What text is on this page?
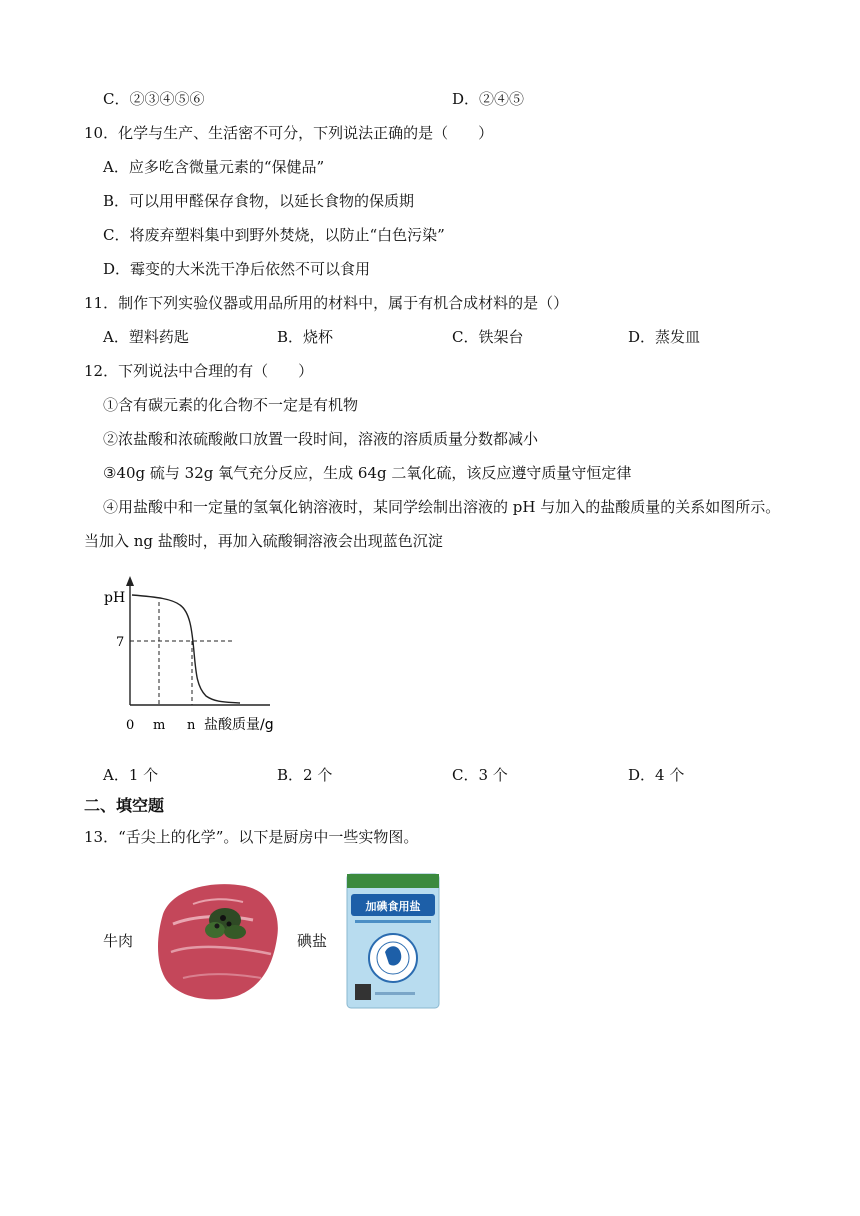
C．②③④⑤⑥	D．②④⑤
10．化学与生产、生活密不可分，下列说法正确的是（　　）
A．应多吃含微量元素的“保健品”
B．可以用甲醛保存食物，以延长食物的保质期
C．将废弃塑料集中到野外焚烧，以防止“白色污染”
D．霉变的大米洗干净后依然不可以食用
11．制作下列实验仪器或用品所用的材料中，属于有机合成材料的是（）
A．塑料药匙	B．烧杯	C．铁架台	D．蒸发皿
12．下列说法中合理的有（　　）
①含有碳元素的化合物不一定是有机物
②浓盐酸和浓硫酸敞口放置一段时间，溶液的溶质质量分数都减小
③40g 硫与 32g 氧气充分反应，生成 64g 二氧化硫，该反应遵守质量守恒定律
④用盐酸中和一定量的氢氧化钠溶液时，某同学绘制出溶液的 pH 与加入的盐酸质量的关系如图所示。
当加入 ng 盐酸时，再加入硫酸铜溶液会出现蓝色沉淀
pH
7
0 m n 盐酸质量/g
A．1 个	B．2 个	C．3 个	D．4 个
二、填空题
13．“舌尖上的化学”。以下是厨房中一些实物图。
牛肉	碘盐
加碘食用盐
